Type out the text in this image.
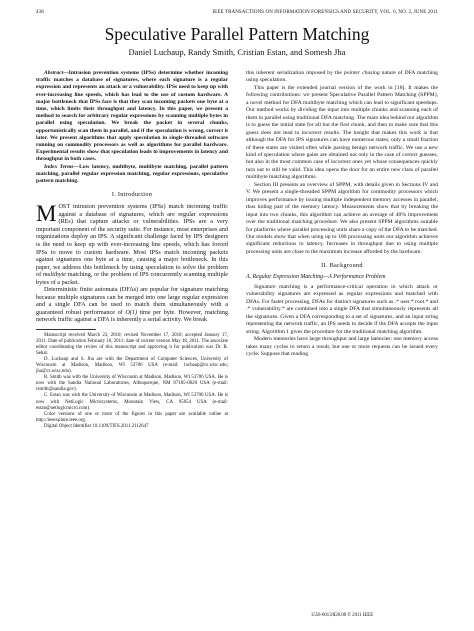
438	IEEE TRANSACTIONS ON INFORMATION FORENSICS AND SECURITY, VOL. 6, NO. 2, JUNE 2011
Speculative Parallel Pattern Matching
Daniel Luchaup, Randy Smith, Cristian Estan, and Somesh Jha

Abstract—Intrusion prevention systems (IPSs) determine whether incoming traffic matches a database of signatures, where each signature is a regular expression and represents an attack or a vulnerability. IPSs need to keep up with ever-increasing line speeds, which has lead to the use of custom hardware. A major bottleneck that IPSs face is that they scan incoming packets one byte at a time, which limits their throughput and latency. In this paper, we present a method to search for arbitrary regular expressions by scanning multiple bytes in parallel using speculation. We break the packet in several chunks, opportunistically scan them in parallel, and if the speculation is wrong, correct it later. We present algorithms that apply speculation in single-threaded software running on commodity processors as well as algorithms for parallel hardware. Experimental results show that speculation leads to improvements in latency and throughput in both cases.

Index Terms—Low latency, multibyte, multibyte matching, parallel pattern matching, parallel regular expression matching, regular expressions, speculative pattern matching.

I. Introduction
MOST intrusion prevention systems (IPSs) match incoming traffic against a database of signatures, which are regular expressions (REs) that capture attacks or vulnerabilities. IPSs are a very important component of the security suite. For instance, most enterprises and organizations deploy an IPS. A significant challenge faced by IPS designers is the need to keep up with ever-increasing line speeds, which has forced IPSs to move to custom hardware. Most IPSs match incoming packets against signatures one byte at a time, causing a major bottleneck. In this paper, we address this bottleneck by using speculation to solve the problem of multibyte matching, or the problem of IPS concurrently scanning multiple bytes of a packet.

Deterministic finite automata (DFAs) are popular for signature matching because multiple signatures can be merged into one large regular expression and a single DFA can be used to match them simultaneously with a guaranteed robust performance of O(1) time per byte. However, matching network traffic against a DFA is inherently a serial activity. We break

Manuscript received March 23, 2010; revised November 17, 2010; accepted January 17, 2011. Date of publication February 10, 2011; date of current version May 18, 2011. The associate editor coordinating the review of this manuscript and approving it for publication was Dr. R. Sekar.

D. Luchaup and S. Jha are with the Department of Computer Sciences, University of Wisconsin at Madison, Madison, WI 53706 USA (e-mail: luchaup@cs.wisc.edu; jha@cs.wisc.edu).

R. Smith was with the University of Wisconsin at Madison, Madison, WI 53706 USA. He is now with the Sandia National Laboratories, Albuquerque, NM 87185-0620 USA (e-mail: rsmith@sandia.gov).

C. Estan was with the University of Wisconsin at Madison, Madison, WI 53706 USA. He is now with NetLogic Microsystems, Mountain View, CA 95054 USA (e-mail: estan@netlogicmicro.com).

Color versions of one or more of the figures in this paper are available online at http://ieeexplore.ieee.org.

Digital Object Identifier 10.1109/TIFS.2011.2112647

this inherent serialization imposed by the pointer chasing nature of DFA matching using speculation.

This paper is the extended journal version of the work in [18]. It makes the following contributions: we present Speculative Parallel Pattern Matching (SPPM), a novel method for DFA multibyte matching which can lead to significant speedups. Our method works by dividing the input into multiple chunks and scanning each of them in parallel using traditional DFA matching. The main idea behind our algorithm is to guess the initial state for all but the first chunk, and then to make sure that this guess does not lead to incorrect results. The insight that makes this work is that although the DFA for IPS signatures can have numerous states, only a small fraction of these states are visited often while parsing benign network traffic. We use a new kind of speculation where gains are obtained not only in the case of correct guesses, but also in the most common case of incorrect ones yet whose consequences quickly turn out to still be valid. This idea opens the door for an entire new class of parallel multibyte matching algorithms.

Section III presents an overview of SPPM, with details given in Sections IV and V. We present a single-threaded SPPM algorithm for commodity processors which improves performance by issuing multiple independent memory accesses in parallel, thus hiding part of the memory latency. Measurements show that by breaking the input into two chunks, this algorithm can achieve an average of 40% improvement over the traditional matching procedure. We also present SPPM algorithms suitable for platforms where parallel processing units share a copy of the DFA to be matched. Our models show that when using up to 100 processing units our algorithm achieves significant reductions in latency. Increases in throughput due to using multiple processing units are close to the maximum increase afforded by the hardware.

II. Background
A. Regular Expression Matching—A Performance Problem

Signature matching is a performance-critical operation in which attack or vulnerability signatures are expressed as regular expressions and matched with DFAs. For faster processing, DFAs for distinct signatures such as .* user.* root.* and .* vulnerability.* are combined into a single DFA that simultaneously represents all the signatures. Given a DFA corresponding to a set of signatures, and an input string representing the network traffic, an IPS needs to decide if the DFA accepts the input string. Algorithm 1 gives the procedure for the traditional matching algorithm.

Modern memories have large throughput and large latencies: one memory access takes many cycles to return a result, but one or more requests can be issued every cycle. Suppose that reading

1556-6013/$26.00 © 2011 IEEE
